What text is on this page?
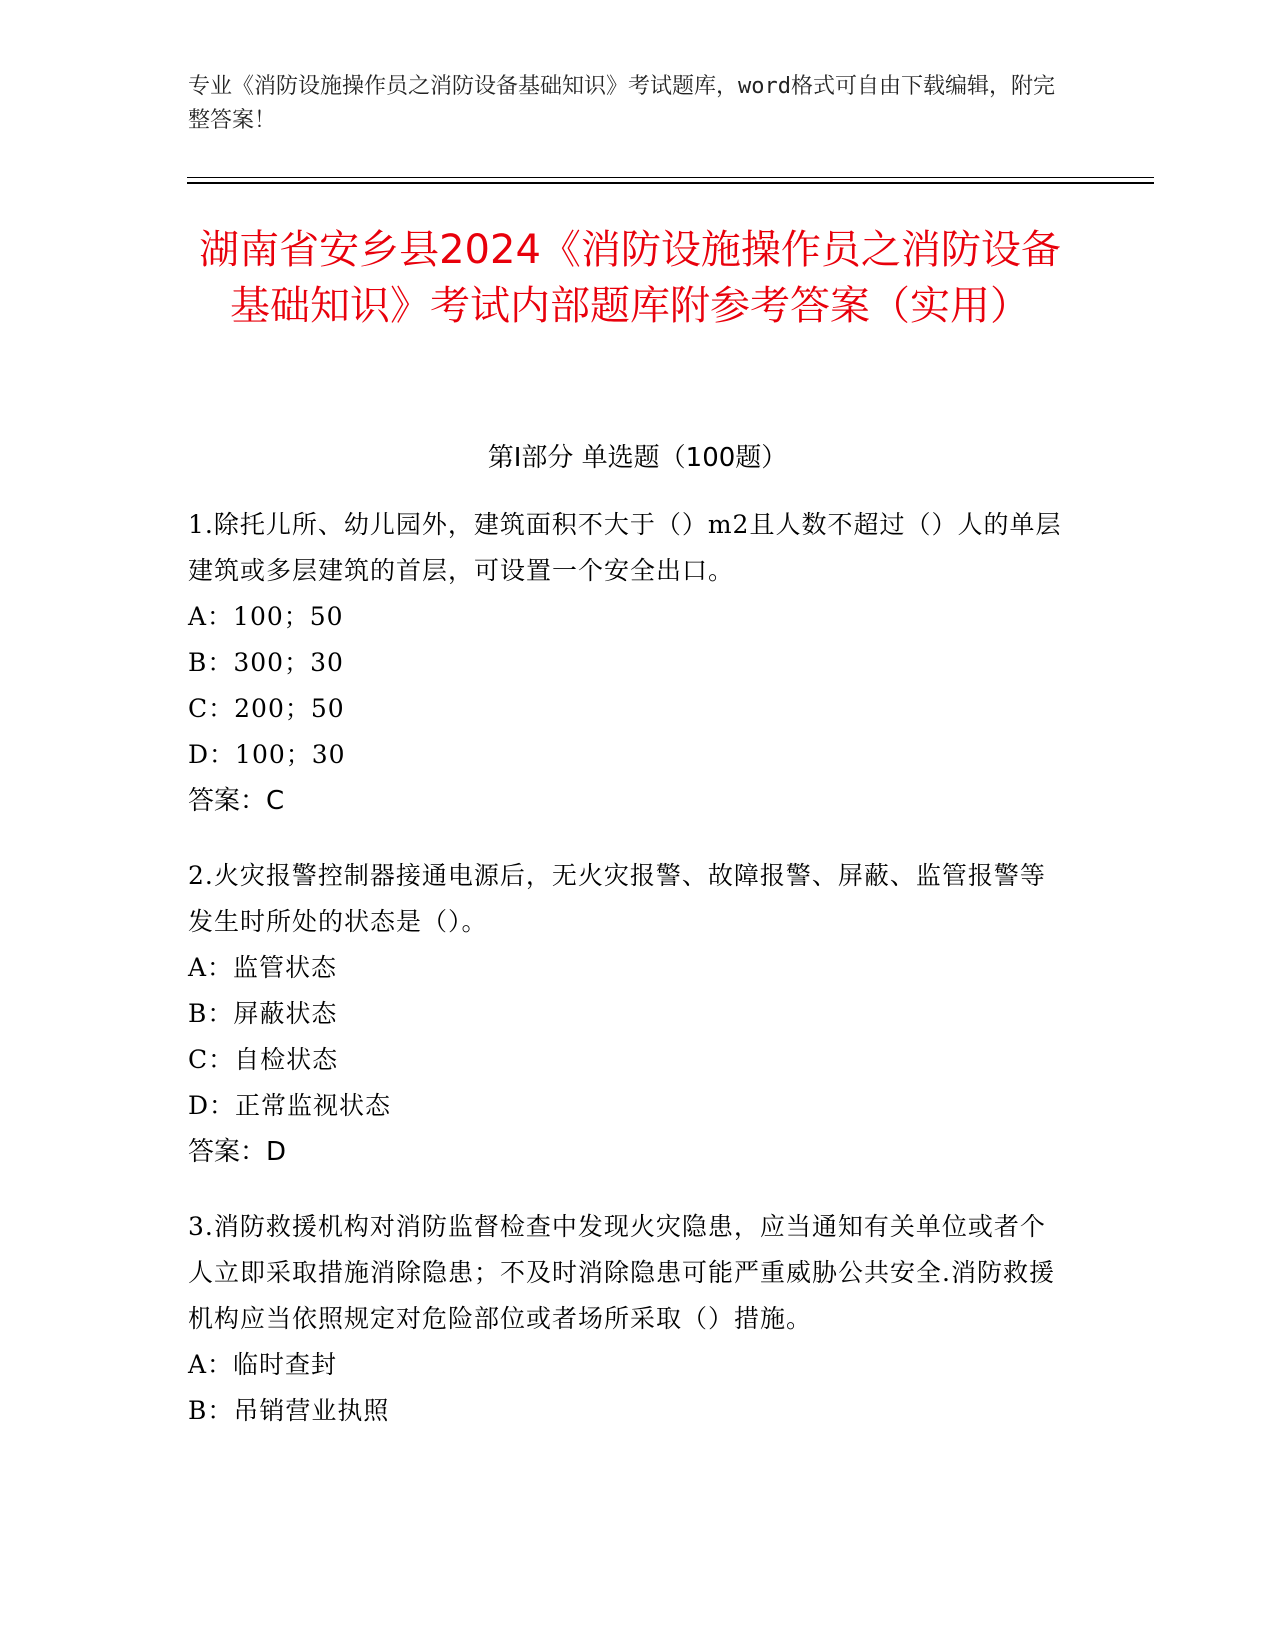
专业《消防设施操作员之消防设备基础知识》考试题库，word格式可自由下载编辑，附完整答案！

湖南省安乡县2024《消防设施操作员之消防设备基础知识》考试内部题库附参考答案（实用）
第I部分 单选题（100题）

1.除托儿所、幼儿园外，建筑面积不大于（）m2且人数不超过（）人的单层建筑或多层建筑的首层，可设置一个安全出口。

A：100；50

B：300；30

C：200；50

D：100；30

答案：C

2.火灾报警控制器接通电源后，无火灾报警、故障报警、屏蔽、监管报警等发生时所处的状态是（）。

A：监管状态

B：屏蔽状态

C：自检状态

D：正常监视状态

答案：D

3.消防救援机构对消防监督检查中发现火灾隐患，应当通知有关单位或者个人立即采取措施消除隐患；不及时消除隐患可能严重威胁公共安全.消防救援机构应当依照规定对危险部位或者场所采取（）措施。

A：临时查封

B：吊销营业执照
